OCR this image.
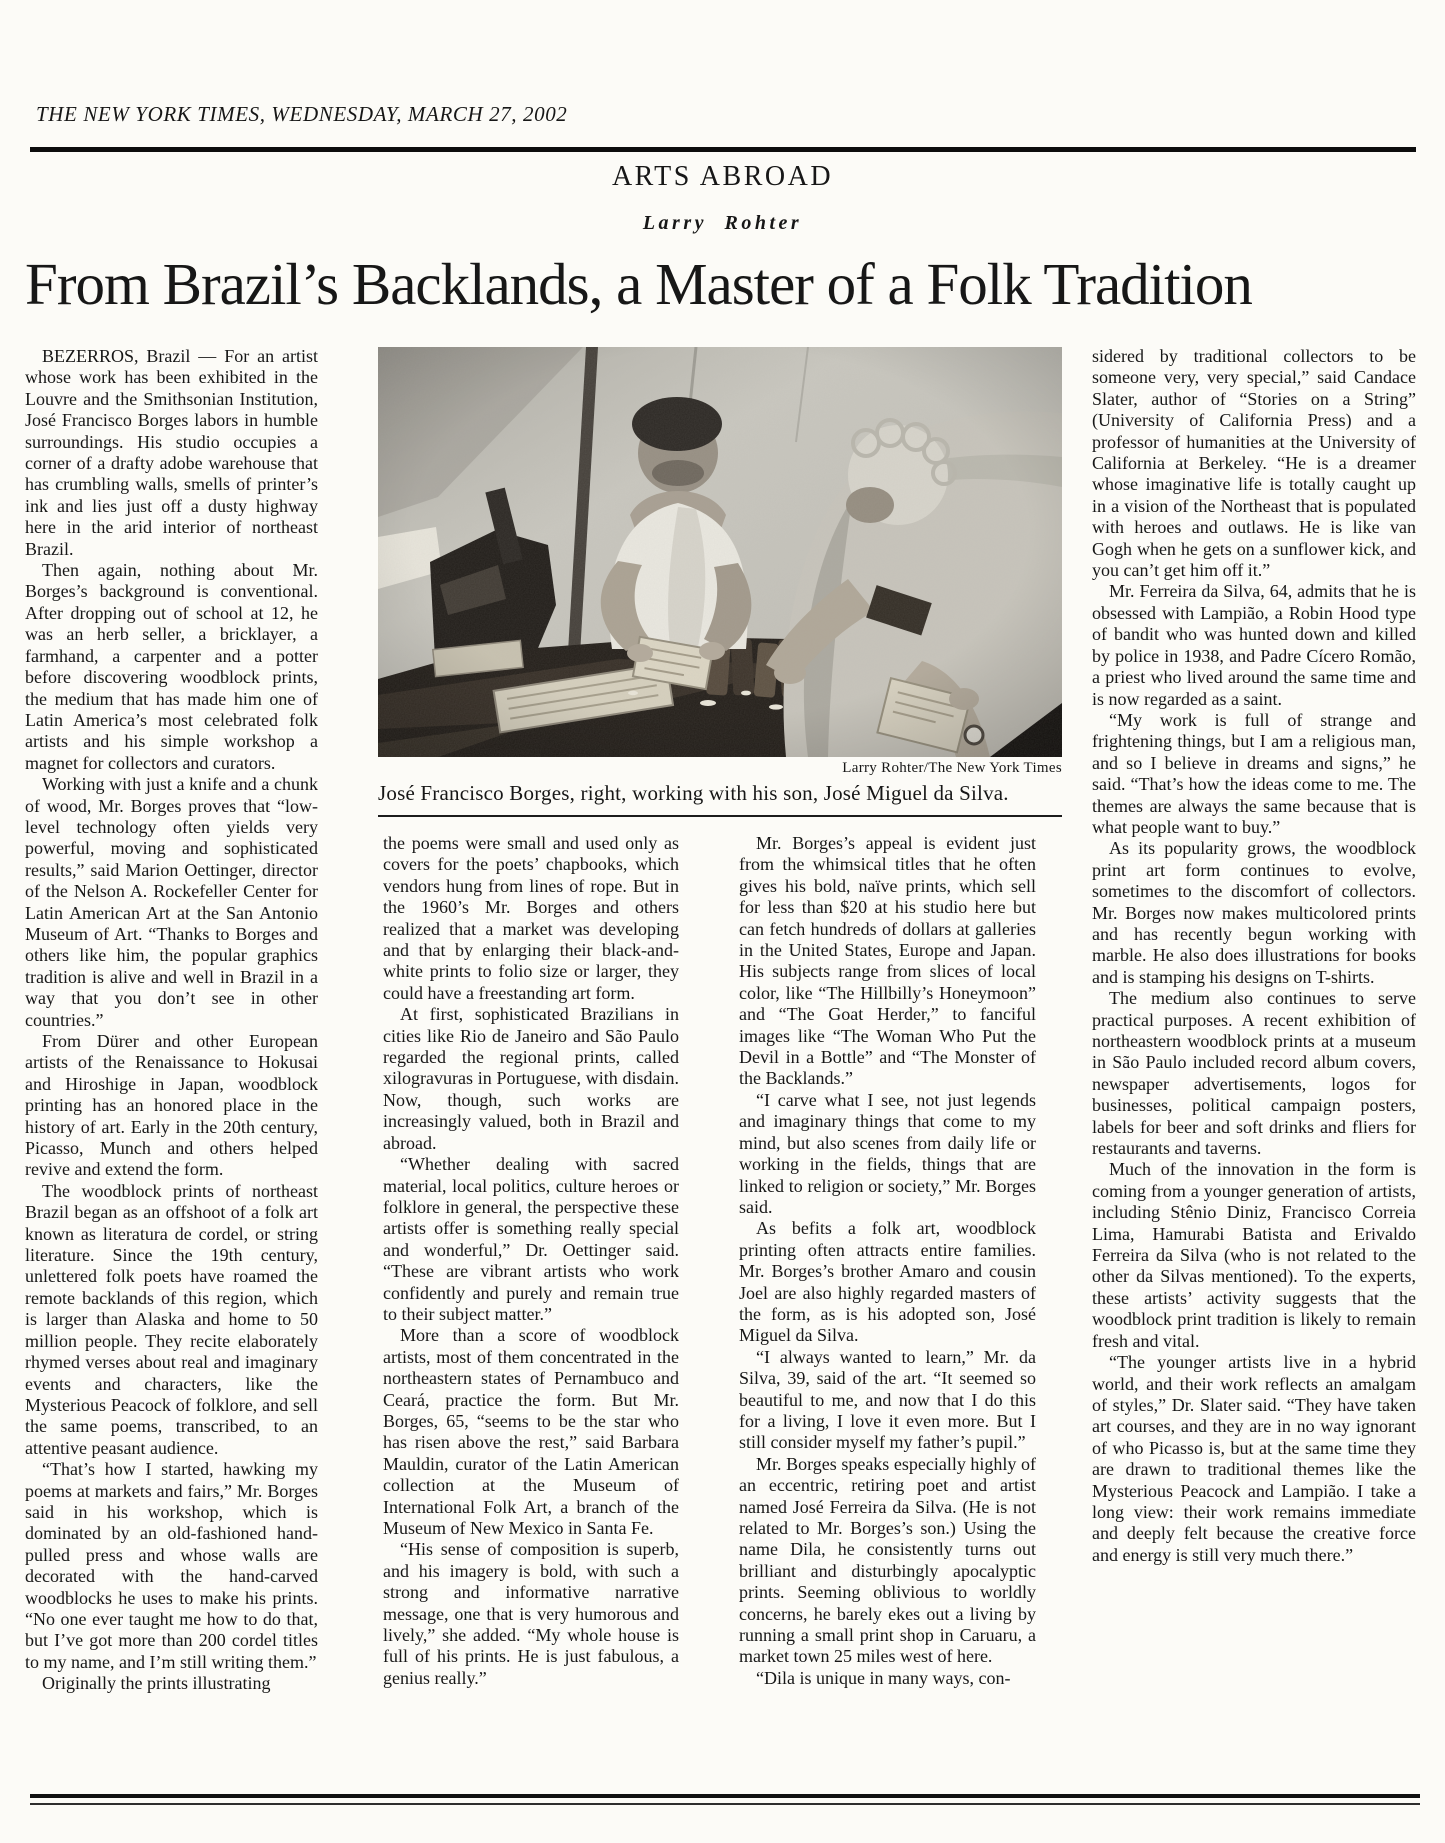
THE NEW YORK TIMES, WEDNESDAY, MARCH 27, 2002
ARTS ABROAD
Larry Rohter
From Brazil’s Backlands, a Master of a Folk Tradition

BEZERROS, Brazil — For an artist whose work has been exhibited in the Louvre and the Smithsonian Institution, José Francisco Borges labors in humble surroundings. His studio occupies a corner of a drafty adobe warehouse that has crumbling walls, smells of printer’s ink and lies just off a dusty highway here in the arid interior of northeast Brazil.

Then again, nothing about Mr. Borges’s background is conventional. After dropping out of school at 12, he was an herb seller, a bricklayer, a farmhand, a carpenter and a potter before discovering woodblock prints, the medium that has made him one of Latin America’s most celebrated folk artists and his simple workshop a magnet for collectors and curators.

Working with just a knife and a chunk of wood, Mr. Borges proves that “low-level technology often yields very powerful, moving and sophisticated results,” said Marion Oettinger, director of the Nelson A. Rockefeller Center for Latin American Art at the San Antonio Museum of Art. “Thanks to Borges and others like him, the popular graphics tradition is alive and well in Brazil in a way that you don’t see in other countries.”

From Dürer and other European artists of the Renaissance to Hokusai and Hiroshige in Japan, woodblock printing has an honored place in the history of art. Early in the 20th century, Picasso, Munch and others helped revive and extend the form.

The woodblock prints of northeast Brazil began as an offshoot of a folk art known as literatura de cordel, or string literature. Since the 19th century, unlettered folk poets have roamed the remote backlands of this region, which is larger than Alaska and home to 50 million people. They recite elaborately rhymed verses about real and imaginary events and characters, like the Mysterious Peacock of folklore, and sell the same poems, transcribed, to an attentive peasant audience.

“That’s how I started, hawking my poems at markets and fairs,” Mr. Borges said in his workshop, which is dominated by an old-fashioned hand-pulled press and whose walls are decorated with the hand-carved woodblocks he uses to make his prints. “No one ever taught me how to do that, but I’ve got more than 200 cordel titles to my name, and I’m still writing them.”

Originally the prints illustrating

Larry Rohter/The New York Times
José Francisco Borges, right, working with his son, José Miguel da Silva.

the poems were small and used only as covers for the poets’ chapbooks, which vendors hung from lines of rope. But in the 1960’s Mr. Borges and others realized that a market was developing and that by enlarging their black-and-white prints to folio size or larger, they could have a freestanding art form.

At first, sophisticated Brazilians in cities like Rio de Janeiro and São Paulo regarded the regional prints, called xilogravuras in Portuguese, with disdain. Now, though, such works are increasingly valued, both in Brazil and abroad.

“Whether dealing with sacred material, local politics, culture heroes or folklore in general, the perspective these artists offer is something really special and wonderful,” Dr. Oettinger said. “These are vibrant artists who work confidently and purely and remain true to their subject matter.”

More than a score of woodblock artists, most of them concentrated in the northeastern states of Pernambuco and Ceará, practice the form. But Mr. Borges, 65, “seems to be the star who has risen above the rest,” said Barbara Mauldin, curator of the Latin American collection at the Museum of International Folk Art, a branch of the Museum of New Mexico in Santa Fe.

“His sense of composition is superb, and his imagery is bold, with such a strong and informative narrative message, one that is very humorous and lively,” she added. “My whole house is full of his prints. He is just fabulous, a genius really.”

Mr. Borges’s appeal is evident just from the whimsical titles that he often gives his bold, naïve prints, which sell for less than $20 at his studio here but can fetch hundreds of dollars at galleries in the United States, Europe and Japan. His subjects range from slices of local color, like “The Hillbilly’s Honeymoon” and “The Goat Herder,” to fanciful images like “The Woman Who Put the Devil in a Bottle” and “The Monster of the Backlands.”

“I carve what I see, not just legends and imaginary things that come to my mind, but also scenes from daily life or working in the fields, things that are linked to religion or society,” Mr. Borges said.

As befits a folk art, woodblock printing often attracts entire families. Mr. Borges’s brother Amaro and cousin Joel are also highly regarded masters of the form, as is his adopted son, José Miguel da Silva.

“I always wanted to learn,” Mr. da Silva, 39, said of the art. “It seemed so beautiful to me, and now that I do this for a living, I love it even more. But I still consider myself my father’s pupil.”

Mr. Borges speaks especially highly of an eccentric, retiring poet and artist named José Ferreira da Silva. (He is not related to Mr. Borges’s son.) Using the name Dila, he consistently turns out brilliant and disturbingly apocalyptic prints. Seeming oblivious to worldly concerns, he barely ekes out a living by running a small print shop in Caruaru, a market town 25 miles west of here.

“Dila is unique in many ways, con-

sidered by traditional collectors to be someone very, very special,” said Candace Slater, author of “Stories on a String” (University of California Press) and a professor of humanities at the University of California at Berkeley. “He is a dreamer whose imaginative life is totally caught up in a vision of the Northeast that is populated with heroes and outlaws. He is like van Gogh when he gets on a sunflower kick, and you can’t get him off it.”

Mr. Ferreira da Silva, 64, admits that he is obsessed with Lampião, a Robin Hood type of bandit who was hunted down and killed by police in 1938, and Padre Cícero Romão, a priest who lived around the same time and is now regarded as a saint.

“My work is full of strange and frightening things, but I am a religious man, and so I believe in dreams and signs,” he said. “That’s how the ideas come to me. The themes are always the same because that is what people want to buy.”

As its popularity grows, the woodblock print art form continues to evolve, sometimes to the discomfort of collectors. Mr. Borges now makes multicolored prints and has recently begun working with marble. He also does illustrations for books and is stamping his designs on T-shirts.

The medium also continues to serve practical purposes. A recent exhibition of northeastern woodblock prints at a museum in São Paulo included record album covers, newspaper advertisements, logos for businesses, political campaign posters, labels for beer and soft drinks and fliers for restaurants and taverns.

Much of the innovation in the form is coming from a younger generation of artists, including Stênio Diniz, Francisco Correia Lima, Hamurabi Batista and Erivaldo Ferreira da Silva (who is not related to the other da Silvas mentioned). To the experts, these artists’ activity suggests that the woodblock print tradition is likely to remain fresh and vital.

“The younger artists live in a hybrid world, and their work reflects an amalgam of styles,” Dr. Slater said. “They have taken art courses, and they are in no way ignorant of who Picasso is, but at the same time they are drawn to traditional themes like the Mysterious Peacock and Lampião. I take a long view: their work remains immediate and deeply felt because the creative force and energy is still very much there.”
